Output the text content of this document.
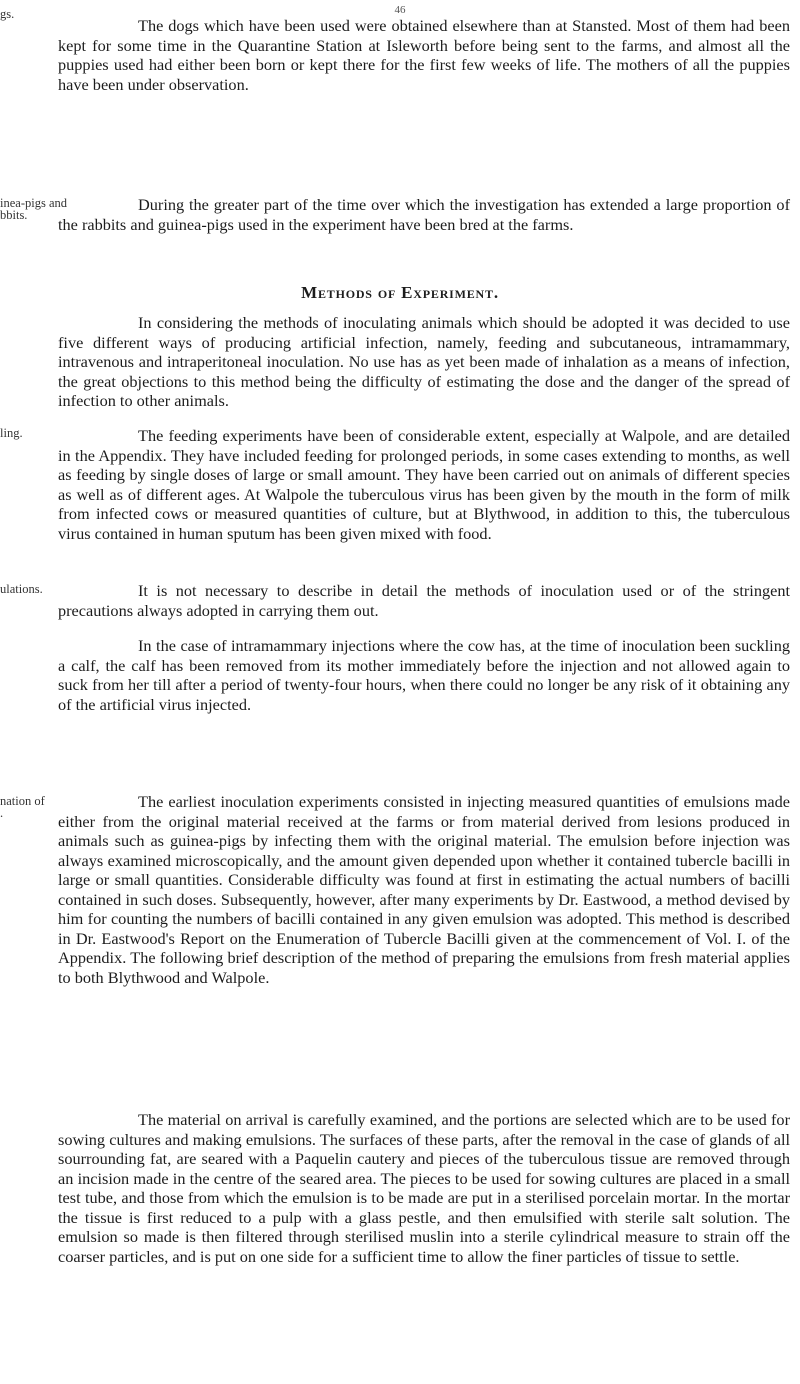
46
gs.
inea-pigs and
bbits.
ling.
ulations.
nation of
.

The dogs which have been used were obtained elsewhere than at Stansted. Most of them had been kept for some time in the Quarantine Station at Isleworth before being sent to the farms, and almost all the puppies used had either been born or kept there for the first few weeks of life. The mothers of all the puppies have been under observation.

During the greater part of the time over which the investigation has extended a large proportion of the rabbits and guinea-pigs used in the experiment have been bred at the farms.

Methods of Experiment.

In considering the methods of inoculating animals which should be adopted it was decided to use five different ways of producing artificial infection, namely, feeding and subcutaneous, intramammary, intravenous and intraperitoneal inoculation. No use has as yet been made of inhalation as a means of infection, the great objections to this method being the difficulty of estimating the dose and the danger of the spread of infection to other animals.

The feeding experiments have been of considerable extent, especially at Walpole, and are detailed in the Appendix. They have included feeding for prolonged periods, in some cases extending to months, as well as feeding by single doses of large or small amount. They have been carried out on animals of different species as well as of different ages. At Walpole the tuberculous virus has been given by the mouth in the form of milk from infected cows or measured quantities of culture, but at Blythwood, in addition to this, the tuberculous virus contained in human sputum has been given mixed with food.

It is not necessary to describe in detail the methods of inoculation used or of the stringent precautions always adopted in carrying them out.

In the case of intramammary injections where the cow has, at the time of inoculation been suckling a calf, the calf has been removed from its mother immediately before the injection and not allowed again to suck from her till after a period of twenty-four hours, when there could no longer be any risk of it obtaining any of the artificial virus injected.

The earliest inoculation experiments consisted in injecting measured quantities of emulsions made either from the original material received at the farms or from material derived from lesions produced in animals such as guinea-pigs by infecting them with the original material. The emulsion before injection was always examined microscopically, and the amount given depended upon whether it contained tubercle bacilli in large or small quantities. Considerable difficulty was found at first in estimating the actual numbers of bacilli contained in such doses. Subsequently, however, after many experiments by Dr. Eastwood, a method devised by him for counting the numbers of bacilli contained in any given emulsion was adopted. This method is described in Dr. Eastwood's Report on the Enumeration of Tubercle Bacilli given at the commencement of Vol. I. of the Appendix. The following brief description of the method of preparing the emulsions from fresh material applies to both Blythwood and Walpole.

The material on arrival is carefully examined, and the portions are selected which are to be used for sowing cultures and making emulsions. The surfaces of these parts, after the removal in the case of glands of all sourrounding fat, are seared with a Paquelin cautery and pieces of the tuberculous tissue are removed through an incision made in the centre of the seared area. The pieces to be used for sowing cultures are placed in a small test tube, and those from which the emulsion is to be made are put in a sterilised porcelain mortar. In the mortar the tissue is first reduced to a pulp with a glass pestle, and then emulsified with sterile salt solution. The emulsion so made is then filtered through sterilised muslin into a sterile cylindrical measure to strain off the coarser particles, and is put on one side for a sufficient time to allow the finer particles of tissue to settle.
